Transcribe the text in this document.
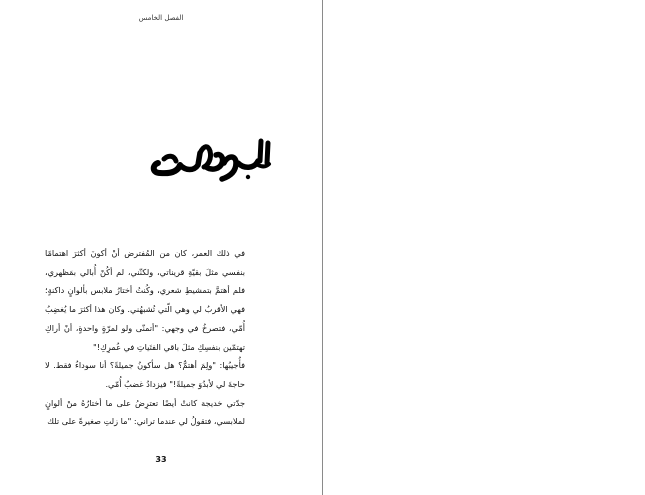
الفصل الخامس

في ذلك العمر، كان من المُفترض أنْ أكونَ أكثرَ اهتمامًا بنفسي مثلَ بقيّةِ قريناتي، ولكنّني، لم أكُنْ أُبالي بمَظهري، فلم أهتمَّ بتمشيطِ شعري، وكُنتُ أختارُ ملابس بألوانٍ داكنةٍ؛ فهي الأقربُ لي وهي الّتي تُشبهُني. وكان هذا أكثرَ ما يُغضِبُ أُمّي، فتصرخُ في وجهي: "أتمنّى ولو لمرّةٍ واحدةٍ، أنْ أراكِ تهتمّين بنفسِكِ مثلَ باقي الفتَياتِ في عُمرِكِ!"

فأُجيبُها: "ولِمَ أهتمُّ؟ هل سأكونُ جميلةً؟ أنا سوداءُ فقط. لا حاجةَ لي لأبدُوَ جميلةً!" فيزدادُ غضبُ أُمّي.

جدّتي خديجة كانتْ أيضًا تعترِضُ على ما أختارُهُ منْ ألوانٍ لملابسي، فتقولُ لي عندما تراني: "ما زلتِ صغيرةً على تلك

33
